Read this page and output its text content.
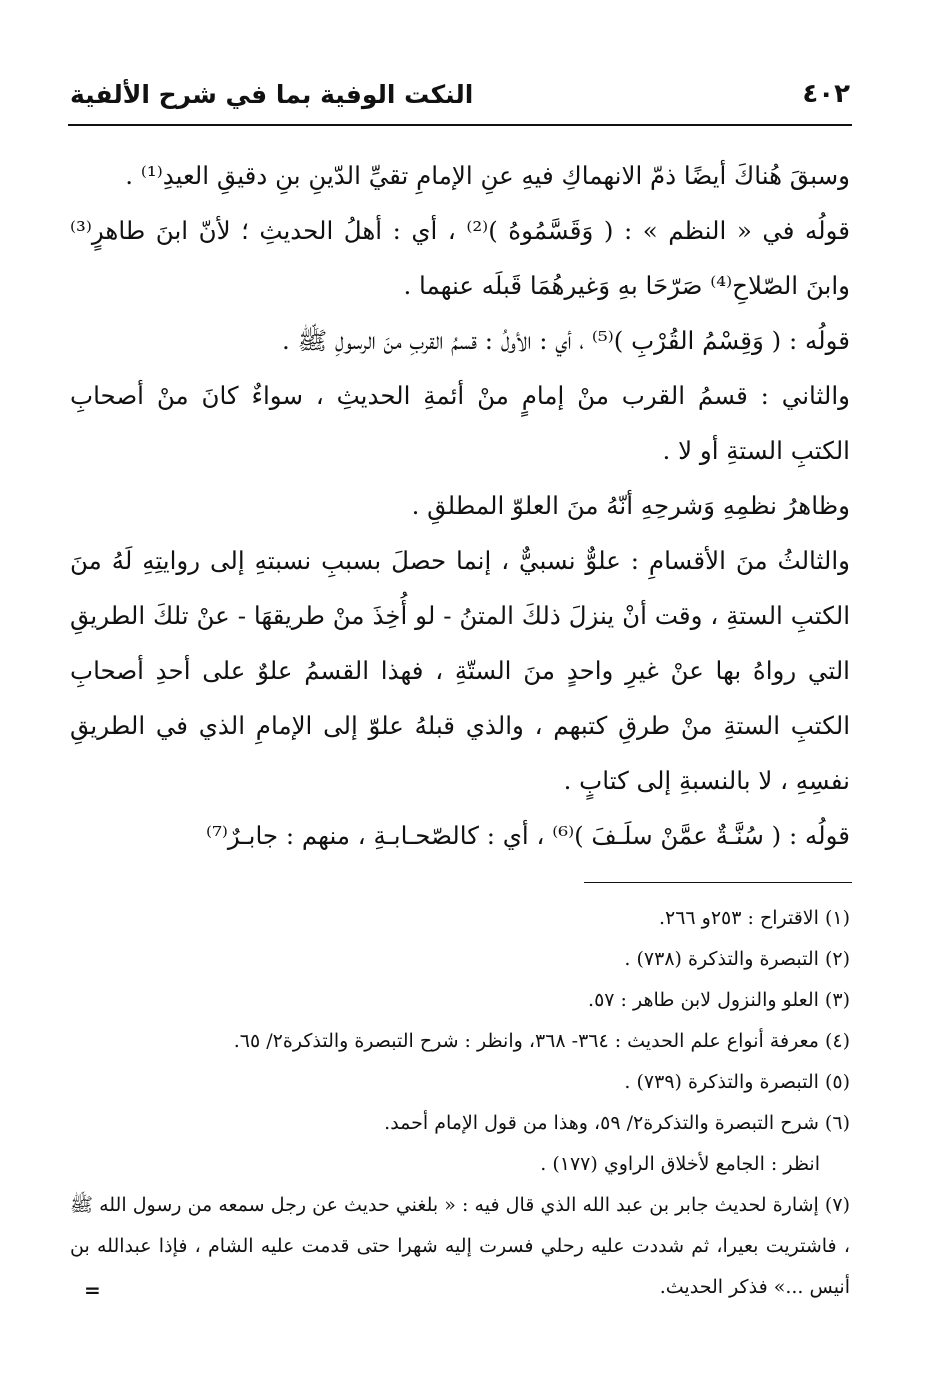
٤٠٢
النكت الوفية بما في شرح الألفية

وسبقَ هُناكَ أيضًا ذمّ الانهماكِ فيهِ عنِ الإمامِ تقيِّ الدّينِ بنِ دقيقِ العيدِ⁽¹⁾ .

قولُه في « النظم » : ( وَقَسَّمُوهُ )⁽²⁾ ، أي : أهلُ الحديثِ ؛ لأنّ ابنَ طاهرٍ⁽³⁾ وابنَ الصّلاحِ⁽⁴⁾ صَرّحَا بهِ وَغيرهُمَا قَبلَه عنهما .

قولُه : ( وَقِسْمُ القُرْبِ )⁽⁵⁾ ، أي : الأولُ : قسمُ القربِ منَ الرسولِ ﷺ .

والثاني : قسمُ القرب منْ إمامٍ منْ أئمةِ الحديثِ ، سواءٌ كانَ منْ أصحابِ الكتبِ الستةِ أو لا .

وظاهرُ نظمِهِ وَشرحِهِ أنّهُ منَ العلوّ المطلقِ .

والثالثُ منَ الأقسامِ : علوٌّ نسبيٌّ ، إنما حصلَ بسببِ نسبتهِ إلى روايتِهِ لَهُ منَ الكتبِ الستةِ ، وقت أنْ ينزلَ ذلكَ المتنُ - لو أُخِذَ منْ طريقهَا - عنْ تلكَ الطريقِ التي رواهُ بها عنْ غيرِ واحدٍ منَ الستّةِ ، فهذا القسمُ علوٌ على أحدِ أصحابِ الكتبِ الستةِ منْ طرقِ كتبهم ، والذي قبلهُ علوّ إلى الإمامِ الذي في الطريقِ نفسِهِ ، لا بالنسبةِ إلى كتابٍ .

قولُه : ( سُنَّـةٌ عمَّنْ سلَـفَ )⁽⁶⁾ ، أي : كالصّحـابـةِ ، منهم : جابـرٌ⁽⁷⁾

(١) الاقتراح : ٢٥٣و ٢٦٦.

(٢) التبصرة والتذكرة (٧٣٨) .

(٣) العلو والنزول لابن طاهر : ٥٧.

(٤) معرفة أنواع علم الحديث : ٣٦٤- ٣٦٨، وانظر : شرح التبصرة والتذكرة٢/ ٦٥.

(٥) التبصرة والتذكرة (٧٣٩) .

(٦) شرح التبصرة والتذكرة٢/ ٥٩، وهذا من قول الإمام أحمد.

انظر : الجامع لأخلاق الراوي (١٧٧) .

(٧) إشارة لحديث جابر بن عبد الله الذي قال فيه : « بلغني حديث عن رجل سمعه من رسول الله ﷺ ، فاشتريت بعيرا، ثم شددت عليه رحلي فسرت إليه شهرا حتى قدمت عليه الشام ، فإذا عبدالله بن أنيس ...» فذكر الحديث.

=
